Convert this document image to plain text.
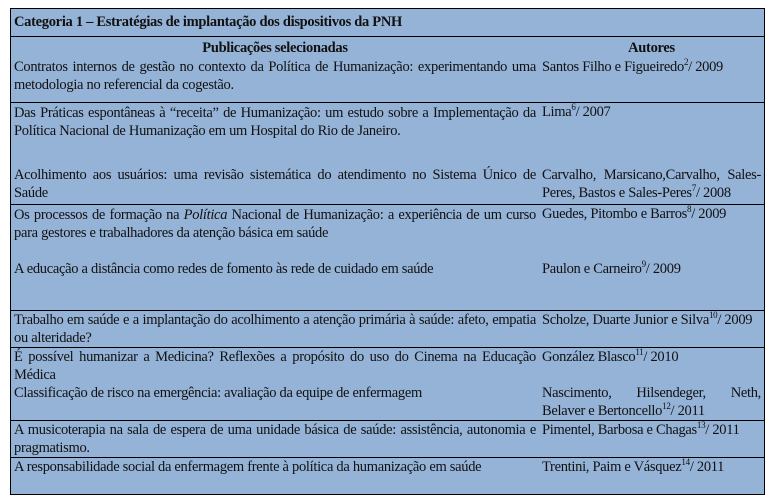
Categoria 1 – Estratégias de implantação dos dispositivos da PNH	
Publicações selecionadas	Autores
Contratos internos de gestão no contexto da Política de Humanização: experimentando uma metodologia no referencial da cogestão.	Santos Filho e Figueiredo$^2$/ 2009
Das Práticas espontâneas à “receita” de Humanização: um estudo sobre a Implementação da Política Nacional de Humanização em um Hospital do Rio de Janeiro.	Lima$^6$/ 2007
Acolhimento aos usuários: uma revisão sistemática do atendimento no Sistema Único de Saúde	Carvalho, Marsicano,Carvalho, Sales-Peres, Bastos e Sales-Peres$^7$/ 2008
Os processos de formação na Política Nacional de Humanização: a experiência de um curso para gestores e trabalhadores da atenção básica em saúde	Guedes, Pitombo e Barros$^8$/ 2009
A educação a distância como redes de fomento às rede de cuidado em saúde	Paulon e Carneiro$^9$/ 2009
Trabalho em saúde e a implantação do acolhimento a atenção primária à saúde: afeto, empatia ou alteridade?	Scholze, Duarte Junior e Silva$^{10}$/ 2009
É possível humanizar a Medicina? Reflexões a propósito do uso do Cinema na Educação Médica	González Blasco$^{11}$/ 2010
Classificação de risco na emergência: avaliação da equipe de enfermagem	Nascimento, Hilsendeger, Neth, Belaver e Bertoncello$^{12}$/ 2011
A musicoterapia na sala de espera de uma unidade básica de saúde: assistência, autonomia e pragmatismo.	Pimentel, Barbosa e Chagas$^{13}$/ 2011
A responsabilidade social da enfermagem frente à política da humanização em saúde	Trentini, Paim e Vásquez$^{14}$/ 2011
